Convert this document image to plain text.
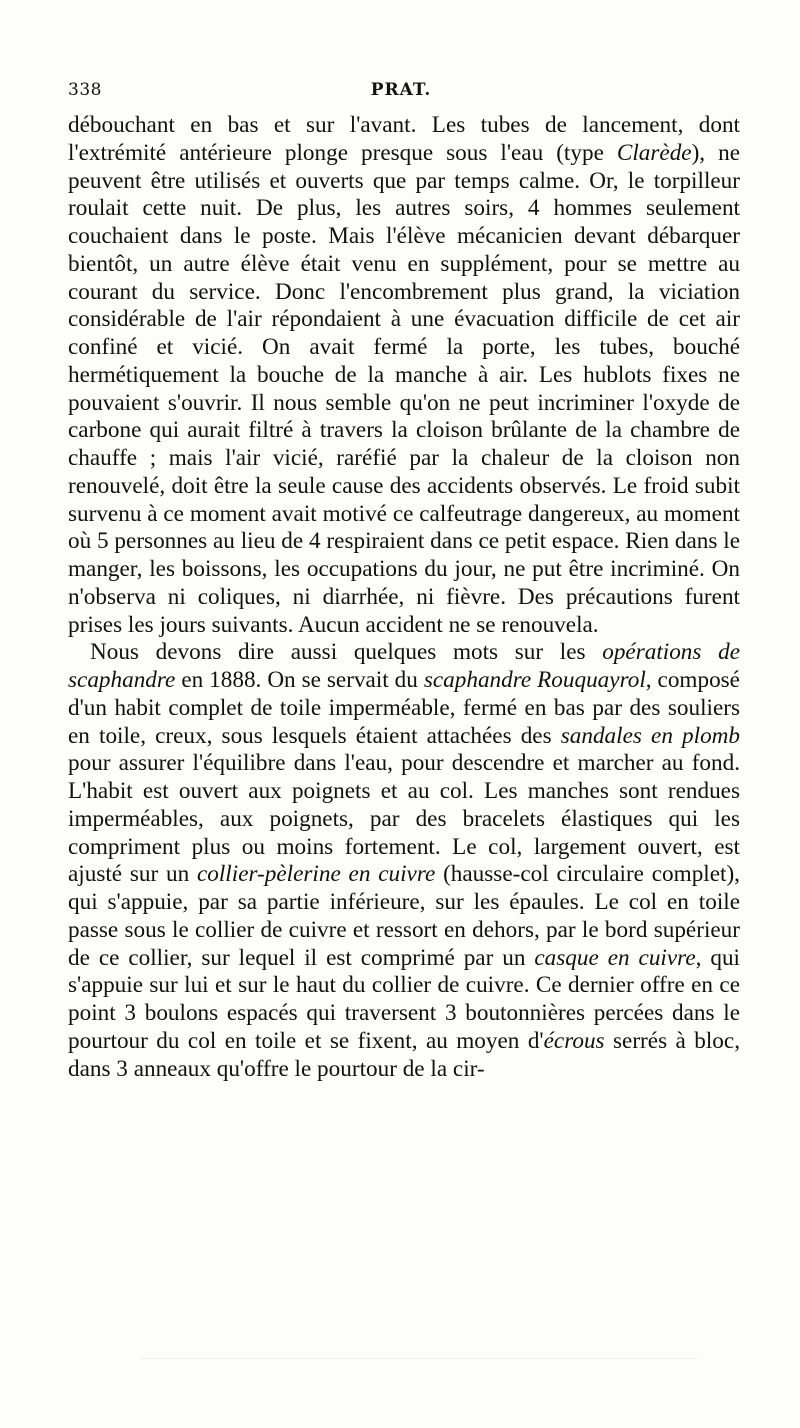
338	PRAT.

débouchant en bas et sur l'avant. Les tubes de lancement, dont l'extrémité antérieure plonge presque sous l'eau (type Clarède), ne peuvent être utilisés et ouverts que par temps calme. Or, le torpilleur roulait cette nuit. De plus, les autres soirs, 4 hommes seulement couchaient dans le poste. Mais l'élève mécanicien devant débarquer bientôt, un autre élève était venu en supplément, pour se mettre au courant du service. Donc l'encombrement plus grand, la viciation considérable de l'air répondaient à une évacuation difficile de cet air confiné et vicié. On avait fermé la porte, les tubes, bouché hermétiquement la bouche de la manche à air. Les hublots fixes ne pouvaient s'ouvrir. Il nous semble qu'on ne peut incriminer l'oxyde de carbone qui aurait filtré à travers la cloison brûlante de la chambre de chauffe ; mais l'air vicié, raréfié par la chaleur de la cloison non renouvelé, doit être la seule cause des accidents observés. Le froid subit survenu à ce moment avait motivé ce calfeutrage dangereux, au moment où 5 personnes au lieu de 4 respiraient dans ce petit espace. Rien dans le manger, les boissons, les occupations du jour, ne put être incriminé. On n'observa ni coliques, ni diarrhée, ni fièvre. Des précautions furent prises les jours suivants. Aucun accident ne se renouvela.

Nous devons dire aussi quelques mots sur les opérations de scaphandre en 1888. On se servait du scaphandre Rouquayrol, composé d'un habit complet de toile imperméable, fermé en bas par des souliers en toile, creux, sous lesquels étaient attachées des sandales en plomb pour assurer l'équilibre dans l'eau, pour descendre et marcher au fond. L'habit est ouvert aux poignets et au col. Les manches sont rendues imperméables, aux poignets, par des bracelets élastiques qui les compriment plus ou moins fortement. Le col, largement ouvert, est ajusté sur un collier-pèlerine en cuivre (hausse-col circulaire complet), qui s'appuie, par sa partie inférieure, sur les épaules. Le col en toile passe sous le collier de cuivre et ressort en dehors, par le bord supérieur de ce collier, sur lequel il est comprimé par un casque en cuivre, qui s'appuie sur lui et sur le haut du collier de cuivre. Ce dernier offre en ce point 3 boulons espacés qui traversent 3 boutonnières percées dans le pourtour du col en toile et se fixent, au moyen d'écrous serrés à bloc, dans 3 anneaux qu'offre le pourtour de la cir-
